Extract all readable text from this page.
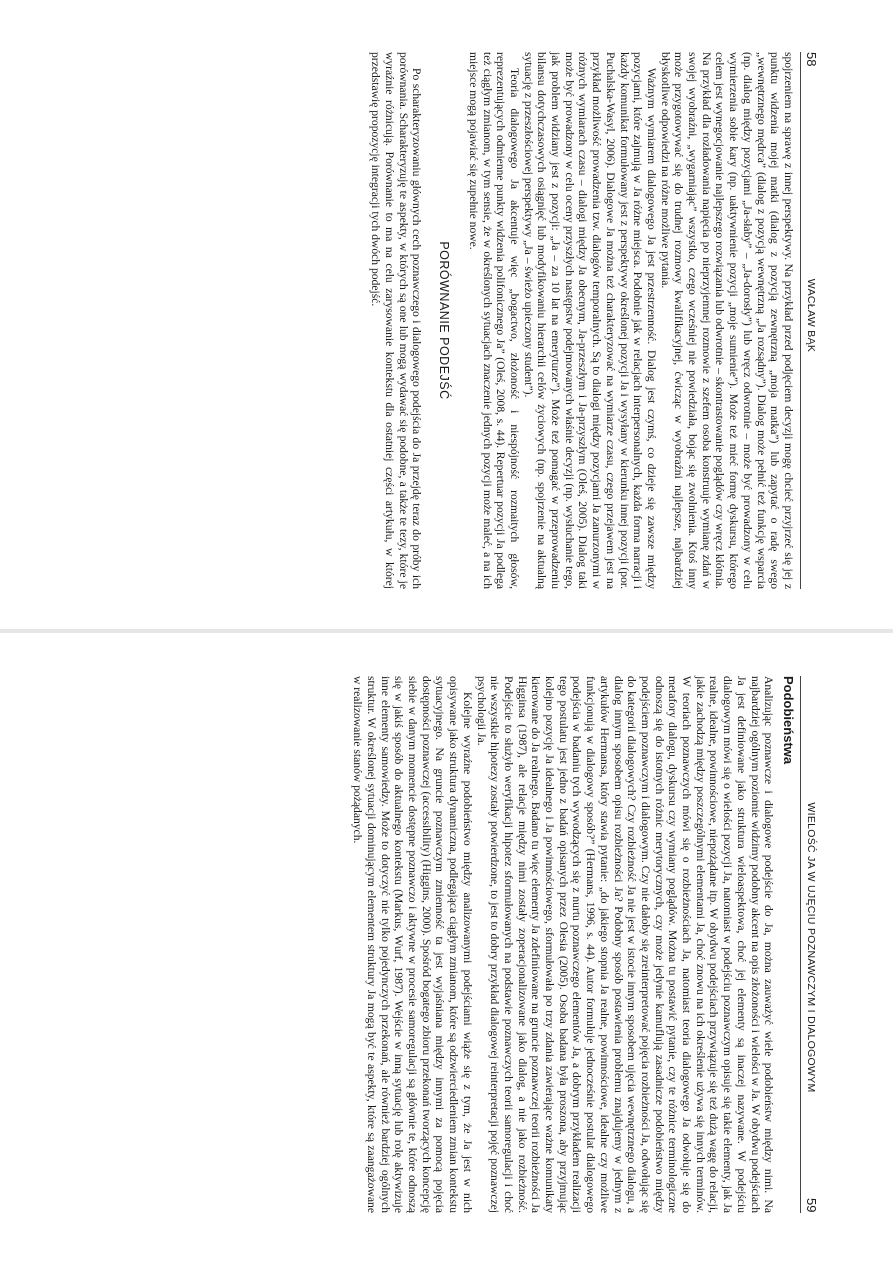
58
WACŁAW BĄK

spojrzeniem na sprawę z innej perspektywy. Na przykład przed podjęciem decyzji mogę chcieć przyjrzeć się jej z punktu widzenia mojej matki (dialog z pozycją zewnętrzną „moja matka”) lub zapytać o radę swego „wewnętrznego mędrca” (dialog z pozycją wewnętrzną „Ja rozsądny”). Dialog może pełnić też funkcję wsparcia (np. dialog między pozycjami „Ja-słaby” – „Ja-dorosły”) lub wręcz odwrotnie – może być prowadzony w celu wymierzenia sobie kary (np. uaktywnienie pozycji „moje sumienie”). Może też mieć formę dyskursu, którego celem jest wynegocjowanie najlepszego rozwiązania lub odwrotnie – skontrastowanie poglądów czy wręcz kłótnia. Na przykład dla rozładowania napięcia po nieprzyjemnej rozmowie z szefem osoba konstruuje wymianę zdań w swojej wyobraźni, „wygarniając” wszystko, czego wcześniej nie powiedziała, bojąc się zwolnienia. Ktoś inny może przygotowywać się do trudnej rozmowy kwalifikacyjnej, ćwicząc w wyobraźni najlepsze, najbardziej błyskotliwe odpowiedzi na różne możliwe pytania.

Ważnym wymiarem dialogowego Ja jest przestrzenność. Dialog jest czymś, co dzieje się zawsze między pozycjami, które zajmują w Ja różne miejsca. Podobnie jak w relacjach interpersonalnych, każda forma narracji i każdy komunikat formułowany jest z perspektywy określonej pozycji Ja i wysyłany w kierunku innej pozycji (por. Puchalska-Wasyl, 2006). Dialogowe Ja można też charakteryzować na wymiarze czasu, czego przejawem jest na przykład możliwość prowadzenia tzw. dialogów temporalnych. Są to dialogi między pozycjami Ja zanurzonymi w różnych wymiarach czasu – dialogi między Ja obecnym, Ja-przeszłym i Ja-przyszłym (Oleś, 2005). Dialog taki może być prowadzony w celu oceny przyszłych następstw podejmowanych właśnie decyzji (np. wysłuchanie tego, jak problem widziany jest z pozycji: „Ja – za 10 lat na emeryturze”). Może też pomagać w przeprowadzeniu bilansu dotychczasowych osiągnięć lub modyfikowaniu hierarchii celów życiowych (np. spojrzenie na aktualną sytuację z przeszłościowej perspektywy „Ja – świeżo upieczony student”).

Teoria dialogowego Ja akcentuje więc „bogactwo, złożoność i niespójność rozmaitych głosów, reprezentujących odmienne punkty widzenia polifonicznego Ja” (Oleś, 2008, s. 44). Repertuar pozycji Ja podlega też ciągłym zmianom, w tym sensie, że w określonych sytuacjach znaczenie jednych pozycji może maleć, a na ich miejsce mogą pojawiać się zupełnie nowe.

PORÓWNANIE PODEJŚĆ

Po scharakteryzowaniu głównych cech poznawczego i dialogowego podejścia do Ja przejdę teraz do próby ich porównania. Scharakteryzuję te aspekty, w których są one lub mogą wydawać się podobne, a także te tezy, które je wyraźnie różnicują. Porównanie to ma na celu zarysowanie kontekstu dla ostatniej części artykułu, w której przedstawię propozycję integracji tych dwóch podejść.

WIELOŚĆ JA W UJĘCIU POZNAWCZYM I DIALOGOWYM
59
Podobieństwa

Analizując poznawcze i dialogowe podejście do Ja, można zauważyć wiele podobieństw między nimi. Na najbardziej ogólnym poziomie widzimy podobny akcent na opis złożoności i wielości w Ja. W obydwu podejściach Ja jest definiowane jako struktura wieloaspektowa, choć jej elementy są inaczej nazywane. W podejściu dialogowym mówi się o wielości pozycji Ja, natomiast w podejściu poznawczym opisuje się takie elementy, jak Ja realne, idealne, powinnościowe, niepożądane itp. W obydwu podejściach przywiązuje się też dużą wagę do relacji, jakie zachodzą między poszczególnymi elementami Ja, choć znowu na ich określenie używa się innych terminów. W teoriach poznawczych mówi się o rozbieżnościach Ja, natomiast teoria dialogowego Ja odwołuje się do metafory dialogu, dyskursu czy wymiany poglądów. Można tu postawić pytanie, czy te różnice terminologiczne odnoszą się do istotnych różnic merytorycznych, czy może jedynie kamuflują zasadnicze podobieństwo między podejściem poznawczym i dialogowym. Czy nie dałoby się zreinterpretować pojęcia rozbieżności Ja, odwołując się do kategorii dialogowych? Czy rozbieżność Ja nie jest w istocie innym sposobem ujęcia wewnętrznego dialogu, a dialog innym sposobem opisu rozbieżności Ja? Podobny sposób postawienia problemu znajdujemy w jednym z artykułów Hermansa, który stawia pytanie: „do jakiego stopnia Ja realne, powinnościowe, idealne czy możliwe funkcjonują w dialogowy sposób?” (Hermans, 1996, s. 44). Autor formułuje jednocześnie postulat dialogowego podejścia w badaniu tych wywodzących się z nurtu poznawczego elementów Ja, a dobrym przykładem realizacji tego postulatu jest jedno z badań opisanych przez Olesia (2005). Osoba badana była proszona, aby przyjmując kolejno pozycję Ja idealnego i Ja powinnościowego, sformułowała po trzy zdania zawierające ważne komunikaty kierowane do Ja realnego. Badano tu więc elementy Ja zdefiniowane na gruncie poznawczej teorii rozbieżności Ja Higginsa (1987), ale relacje między nimi zostały zoperacjonalizowane jako dialog, a nie jako rozbieżność. Podejście to służyło weryfikacji hipotez sformułowanych na podstawie poznawczych teorii samoregulacji i choć nie wszystkie hipotezy zostały potwierdzone, to jest to dobry przykład dialogowej reinterpretacji pojęć poznawczej psychologii Ja.

Kolejne wyraźne podobieństwo między analizowanymi podejściami wiąże się z tym, że Ja jest w nich opisywane jako struktura dynamiczna, podlegająca ciągłym zmianom, które są odzwierciedleniem zmian kontekstu sytuacyjnego. Na gruncie poznawczym zmienność ta jest wyjaśniana między innymi za pomocą pojęcia dostępności poznawczej (accessibility) (Higgins, 2000). Spośród bogatego zbioru przekonań tworzących koncepcję siebie w danym momencie dostępne poznawczo i aktywne w procesie samoregulacji są głównie te, które odnoszą się w jakiś sposób do aktualnego kontekstu (Markus, Wurf, 1987). Wejście w inną sytuację lub rolę aktywizuje inne elementy samowiedzy. Może to dotyczyć nie tylko pojedynczych przekonań, ale również bardziej ogólnych struktur. W określonej sytuacji dominującym elementem struktury Ja mogą być te aspekty, które są zaangażowane w realizowanie stanów pożądanych.
